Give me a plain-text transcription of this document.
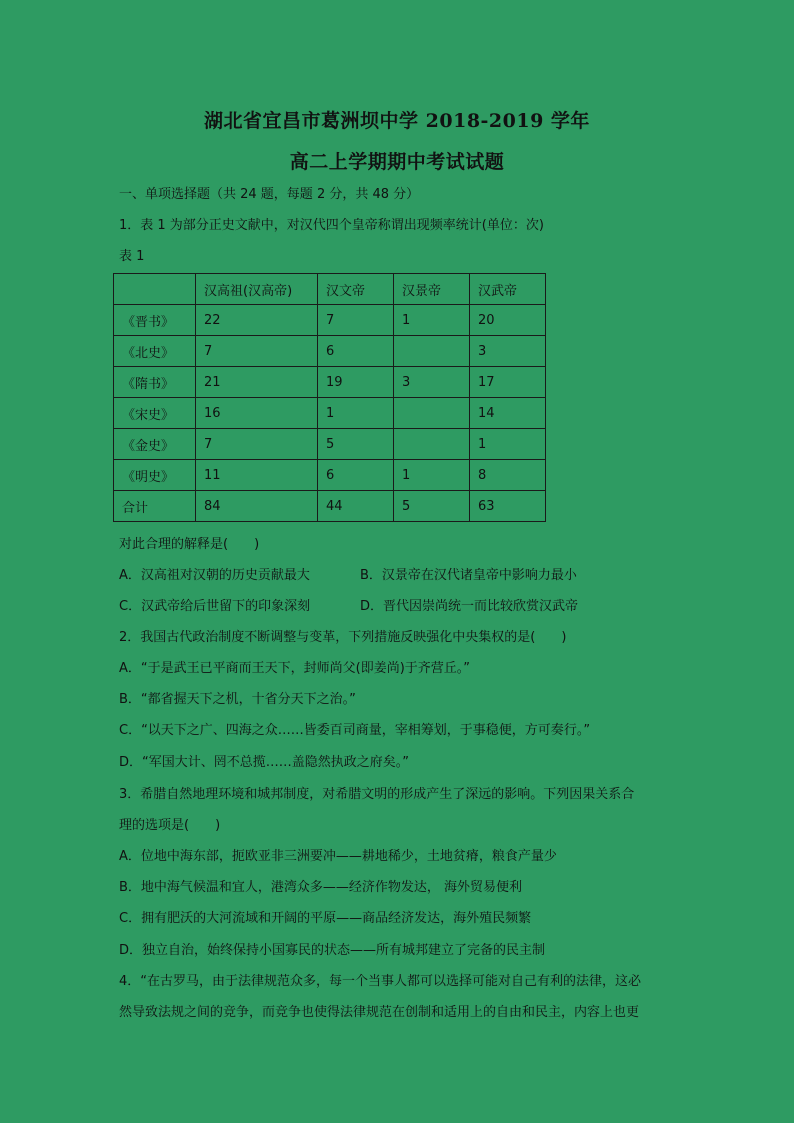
湖北省宜昌市葛洲坝中学 2018-2019 学年
高二上学期期中考试试题
一、单项选择题（共 24 题，每题 2 分，共 48 分）
1．表 1 为部分正史文献中，对汉代四个皇帝称谓出现频率统计(单位：次)
表 1
	汉高祖(汉高帝)	汉文帝	汉景帝	汉武帝
《晋书》	22	7	1	20
《北史》	7	6		3
《隋书》	21	19	3	17
《宋史》	16	1		14
《金史》	7	5		1
《明史》	11	6	1	8
合计	84	44	5	63
对此合理的解释是(　　)
A．汉高祖对汉朝的历史贡献最大	B．汉景帝在汉代诸皇帝中影响力最小
C．汉武帝给后世留下的印象深刻	D．晋代因崇尚统一而比较欣赏汉武帝
2．我国古代政治制度不断调整与变革，下列措施反映强化中央集权的是(　　)
A．“于是武王已平商而王天下，封师尚父(即姜尚)于齐营丘。”
B．“都省握天下之机，十省分天下之治。”
C．“以天下之广、四海之众……皆委百司商量，宰相筹划，于事稳便，方可奏行。”
D．“军国大计、罔不总揽……盖隐然执政之府矣。”
3．希腊自然地理环境和城邦制度，对希腊文明的形成产生了深远的影响。下列因果关系合
理的选项是(　　)
A．位地中海东部，扼欧亚非三洲要冲——耕地稀少，土地贫瘠，粮食产量少
B．地中海气候温和宜人，港湾众多——经济作物发达， 海外贸易便利
C．拥有肥沃的大河流域和开阔的平原——商品经济发达，海外殖民频繁
D．独立自治，始终保持小国寡民的状态——所有城邦建立了完备的民主制
4．“在古罗马，由于法律规范众多，每一个当事人都可以选择可能对自己有利的法律，这必
然导致法规之间的竞争，而竞争也使得法律规范在创制和适用上的自由和民主，内容上也更
